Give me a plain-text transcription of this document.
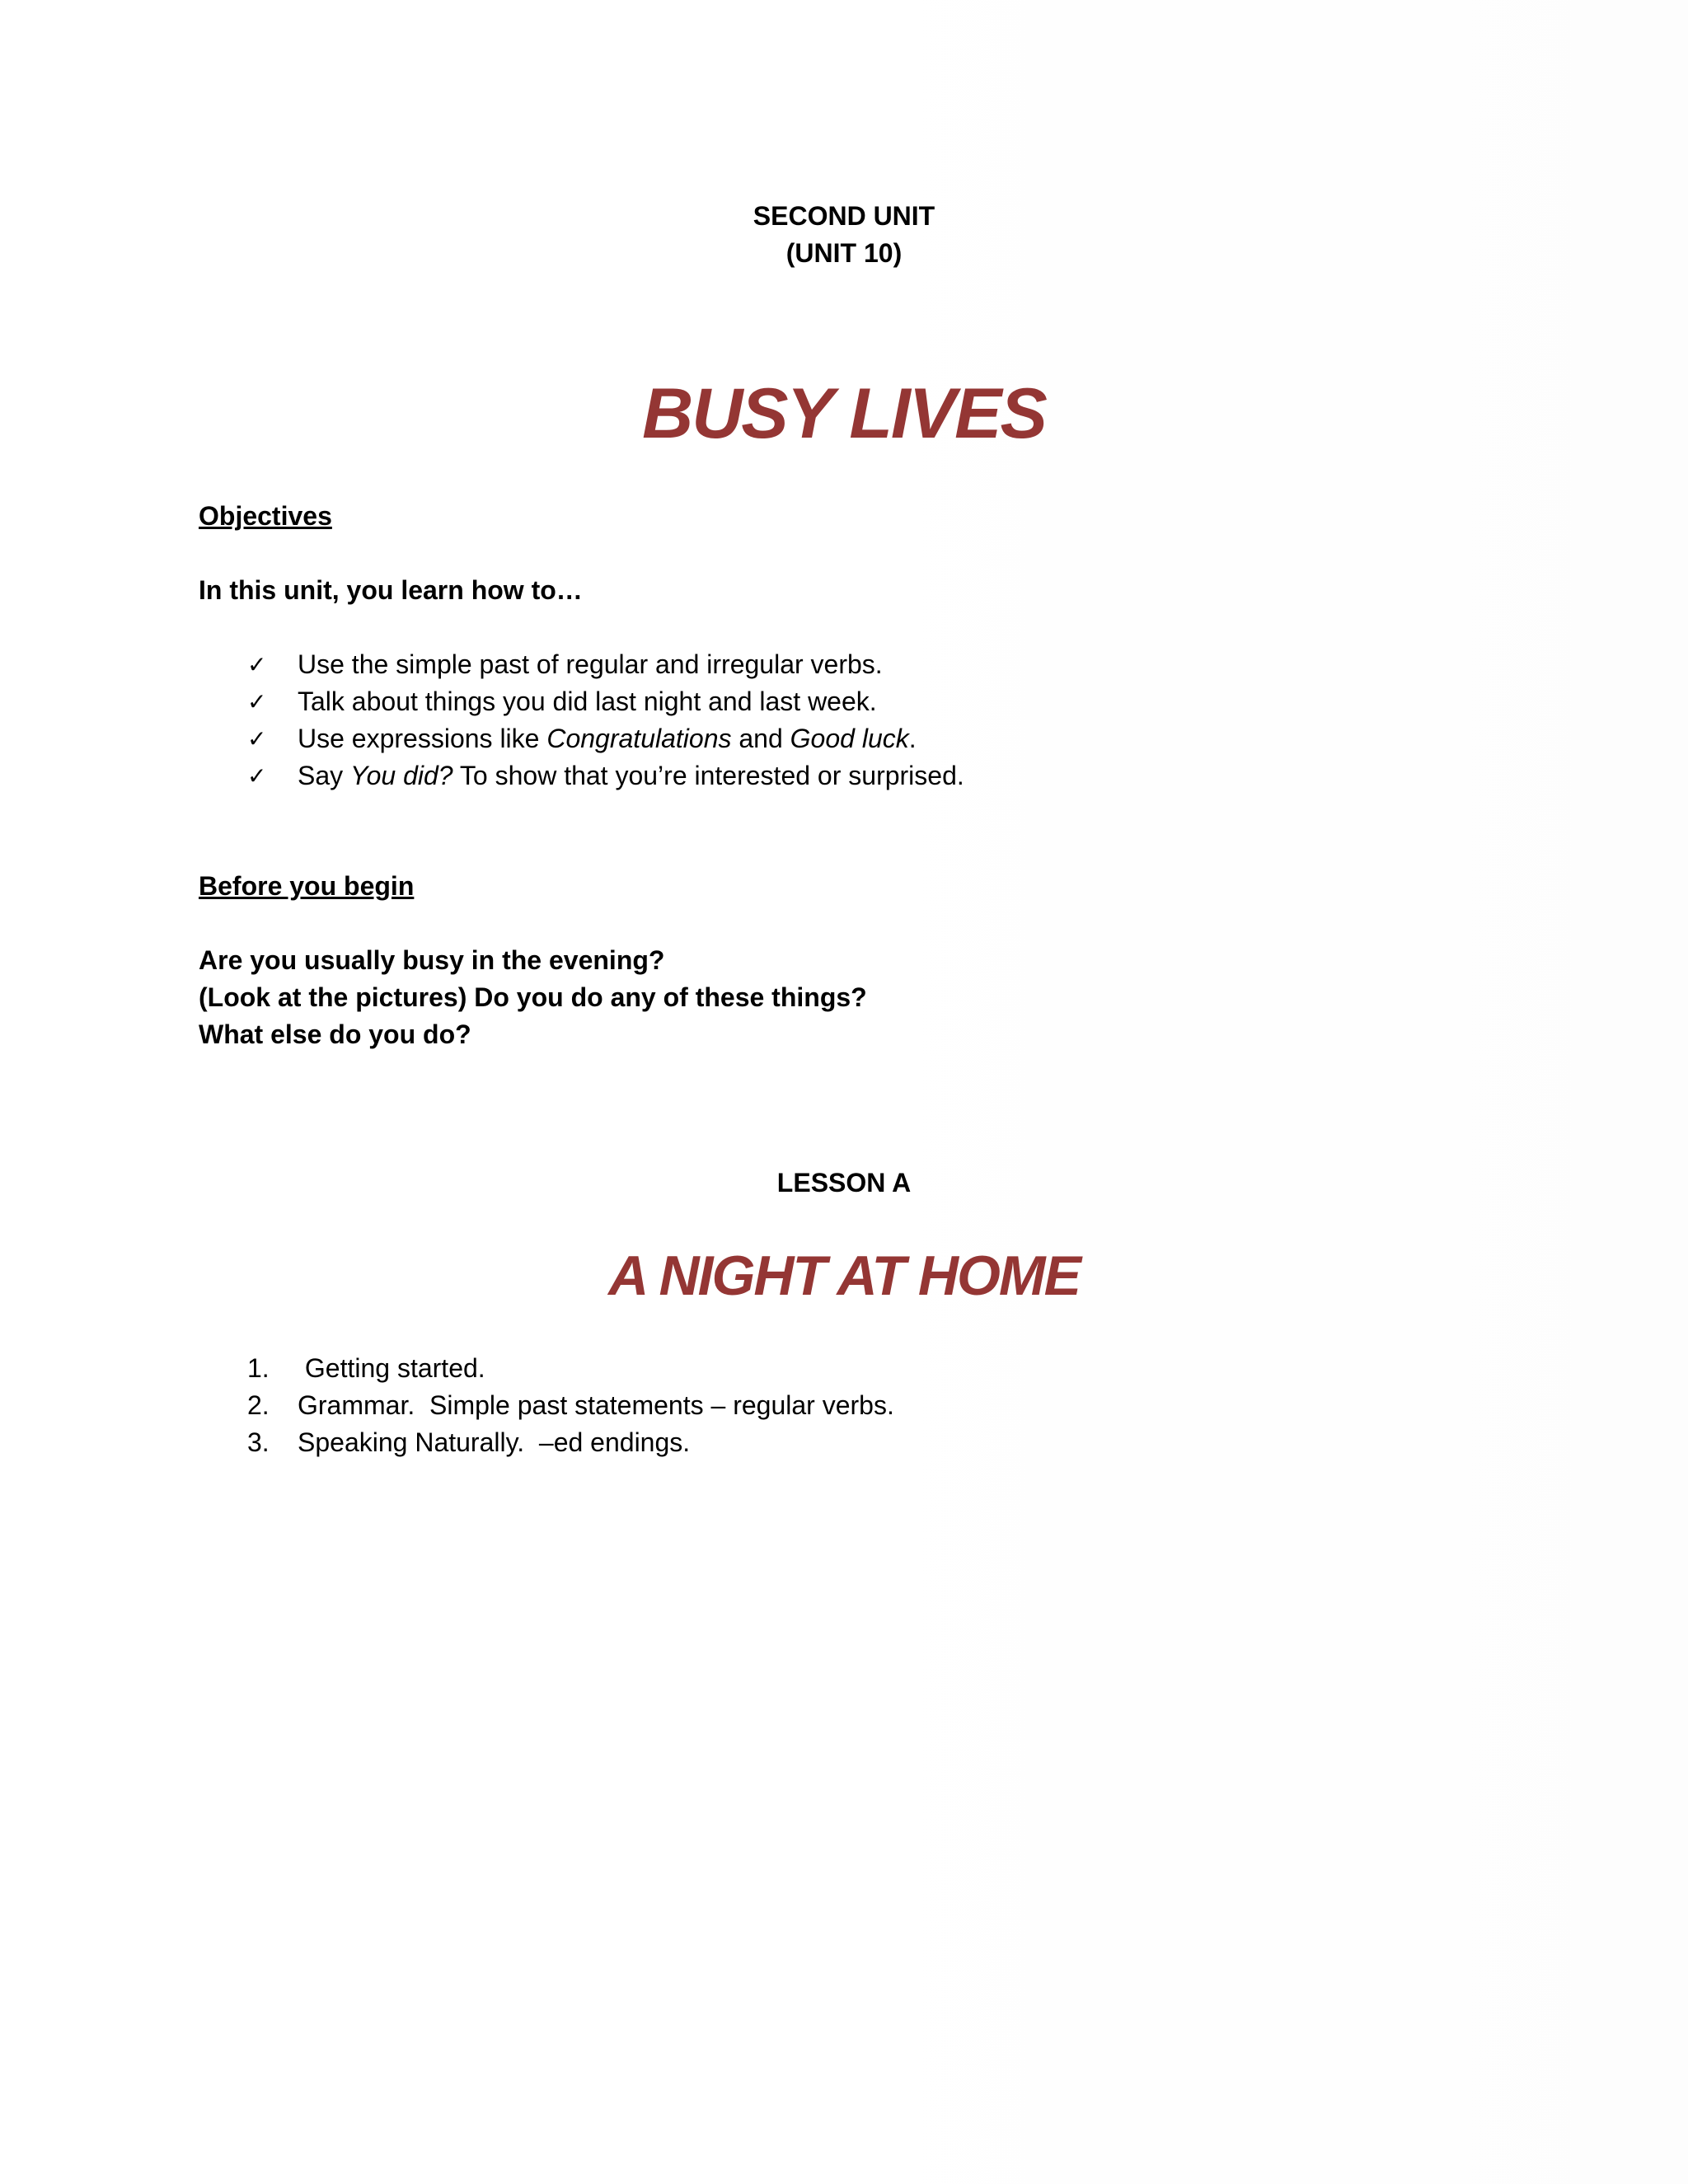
SECOND UNIT
(UNIT 10)
BUSY LIVES
Objectives
In this unit, you learn how to…
✓	Use the simple past of regular and irregular verbs.
✓	Talk about things you did last night and last week.
✓	Use expressions like Congratulations and Good luck.
✓	Say You did? To show that you’re interested or surprised.
Before you begin
Are you usually busy in the evening?
(Look at the pictures) Do you do any of these things?
What else do you do?
LESSON A
A NIGHT AT HOME
1.	Getting started.
2.	Grammar.  Simple past statements – regular verbs.
3.	Speaking Naturally.  –ed endings.
